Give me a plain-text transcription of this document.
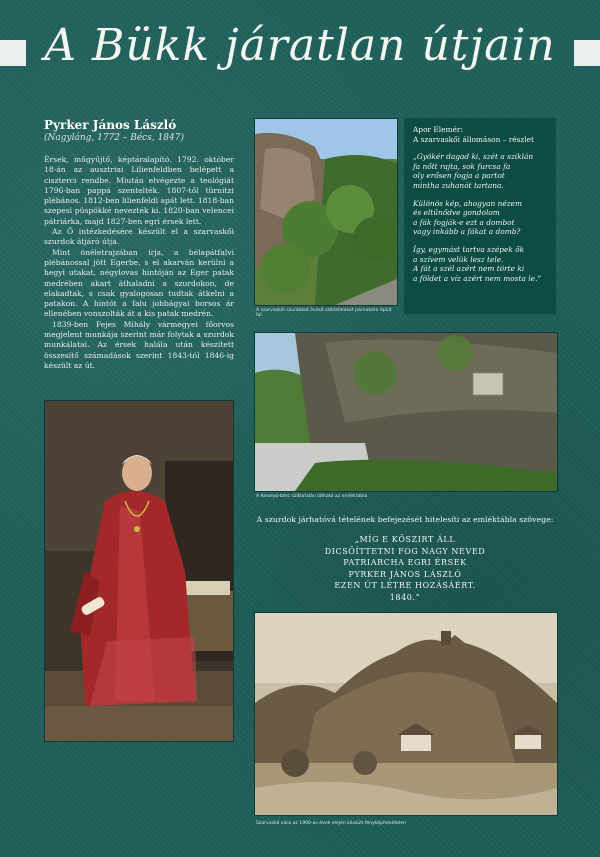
A Bükk járatlan útjain
Pyrker János László
(Nagyláng, 1772 – Bécs, 1847)

Érsek, műgyűjtő, képtáralapító. 1792. október 18-án az ausztriai Lilienfeldben belépett a ciszterci rendbe. Miután elvégezte a teológiát 1796-ban pappá szentelték. 1807-től türnitzi plébános. 1812-ben lilienfeldi apát lett. 1818-ban szepesi püspökké nevezték ki. 1820-ban velencei pátriárka, majd 1827-ben egri érsek lett.

Az Ő intézkedésére készült el a szarvaskői szurdok átjáró útja.

Mint önéletrajzában írja, a bélapátfalvi plébánossal jött Egerbe, s el akarván kerülni a hegyi utakat, négylovas hintóján az Eger patak medrében akart áthaladni a szurdokon, de elakadtak, s csak gyalogosan tudtak átkelni a patakon. A hintót a falu jobbágyai borsos ár ellenében vonszolták át a kis patak medrén.

1839-ben Fejes Mihály vármegyei főorvos megjelent munkája szerint már folytak a szurdok munkálatai. Az érsek halála után készített összesítő számadások szerint 1843-tól 1846-ig készült az út.

A szarvaskői szurdokot övező sziklafalakat párnakőre épült fal
Apor Elemér:
A szarvaskői állomáson – részlet
„Gyökér dagad ki, szét a sziklán
fa nőtt rajta, sok furcsa fa
oly erősen fogja a partot
mintha zuhanót tartana.
Különös kép, ahogyan nézem
és eltűnődve gondolom
a fák fogják-e ezt a dombot
vagy inkább a fákat a domb?
Így, egymást tartva szépek ők
a szívem velük lesz tele.
A fát a szél azért nem törte ki
a földet a víz azért nem mosta le.”
A Keselyű-bérc sziklafalán látható az emléktábla
A szurdok járhatóvá tételének befejezését hitelesíti az emléktábla szövege:
„MÍG E KŐSZIRT ÁLL
DICSŐÍTTETNI FOG NAGY NEVED
PATRIARCHA EGRI ÉRSEK
PYRKER JÁNOS LÁSZLÓ
EZEN ÚT LÉTRE HOZÁSÁÉRT.
1840.”
Szarvaskő vára az 1900-as évek elején készült fényképfelvételen
